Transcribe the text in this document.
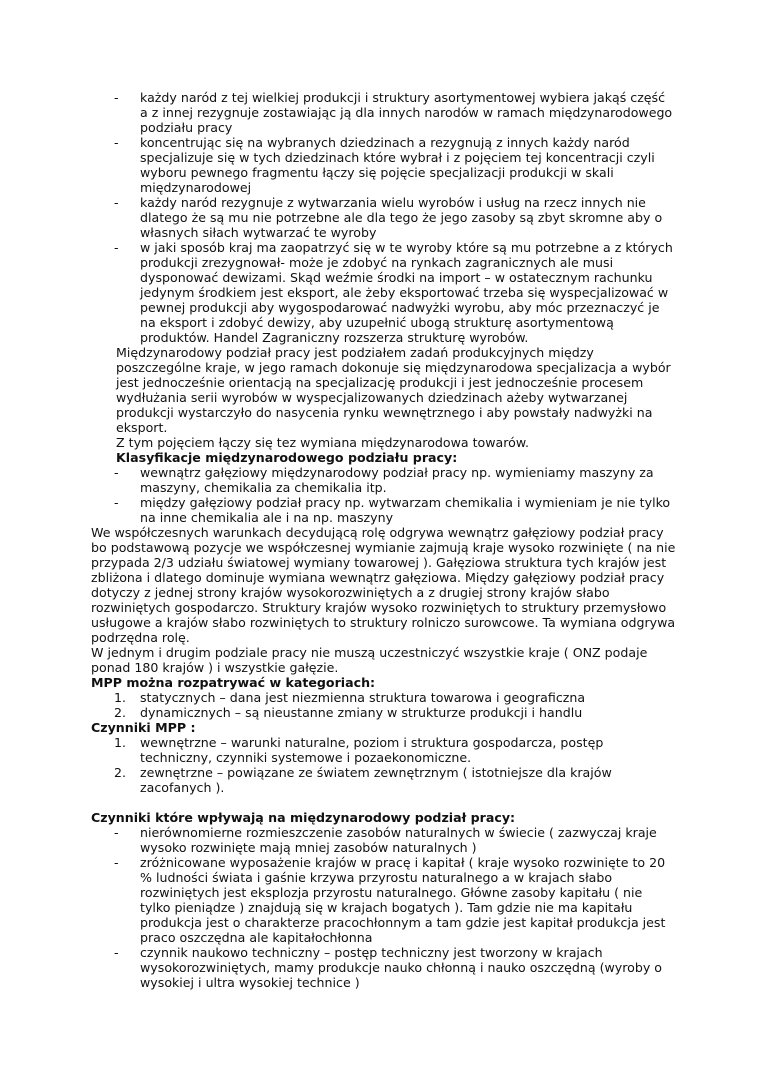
- każdy naród z tej wielkiej produkcji i struktury asortymentowej wybiera jakąś część a z innej rezygnuje zostawiając ją dla innych narodów w ramach międzynarodowego podziału pracy

- koncentrując się na wybranych dziedzinach a rezygnują z innych każdy naród specjalizuje się w tych dziedzinach które wybrał i z pojęciem tej koncentracji czyli wyboru pewnego fragmentu łączy się pojęcie specjalizacji produkcji w skali międzynarodowej

- każdy naród rezygnuje z wytwarzania wielu wyrobów i usług na rzecz innych nie dlatego że są mu nie potrzebne ale dla tego że jego zasoby są zbyt skromne aby o własnych siłach wytwarzać te wyroby

- w jaki sposób kraj ma zaopatrzyć się w te wyroby które są mu potrzebne a z których produkcji zrezygnował- może je zdobyć na rynkach zagranicznych ale musi dysponować dewizami. Skąd weźmie środki na import – w ostatecznym rachunku jedynym środkiem jest eksport, ale żeby eksportować trzeba się wyspecjalizować w pewnej produkcji aby wygospodarować nadwyżki wyrobu, aby móc przeznaczyć je na eksport i zdobyć dewizy, aby uzupełnić ubogą strukturę asortymentową produktów. Handel Zagraniczny rozszerza strukturę wyrobów.

Międzynarodowy podział pracy jest podziałem zadań produkcyjnych między poszczególne kraje, w jego ramach dokonuje się międzynarodowa specjalizacja a wybór jest jednocześnie orientacją na specjalizację produkcji i jest jednocześnie procesem wydłużania serii wyrobów w wyspecjalizowanych dziedzinach ażeby wytwarzanej produkcji wystarczyło do nasycenia rynku wewnętrznego i aby powstały nadwyżki na eksport.

Z tym pojęciem łączy się tez wymiana międzynarodowa towarów.

Klasyfikacje międzynarodowego podziału pracy:
- wewnątrz gałęziowy międzynarodowy podział pracy np. wymieniamy maszyny za maszyny, chemikalia za chemikalia itp.

- między gałęziowy podział pracy np. wytwarzam chemikalia i wymieniam je nie tylko na inne chemikalia ale i na np. maszyny

We współczesnych warunkach decydującą rolę odgrywa wewnątrz gałęziowy podział pracy bo podstawową pozycje we współczesnej wymianie zajmują kraje wysoko rozwinięte ( na nie przypada 2/3 udziału światowej wymiany towarowej ). Gałęziowa struktura tych krajów jest zbliżona i dlatego dominuje wymiana wewnątrz gałęziowa. Między gałęziowy podział pracy dotyczy z jednej strony krajów wysokorozwiniętych a z drugiej strony krajów słabo rozwiniętych gospodarczo. Struktury krajów wysoko rozwiniętych to struktury przemysłowo usługowe a krajów słabo rozwiniętych to struktury rolniczo surowcowe. Ta wymiana odgrywa podrzędna rolę.

W jednym i drugim podziale pracy nie muszą uczestniczyć wszystkie kraje ( ONZ podaje ponad 180 krajów ) i wszystkie gałęzie.

MPP można rozpatrywać w kategoriach:
1. statycznych – dana jest niezmienna struktura towarowa i geograficzna

2. dynamicznych – są nieustanne zmiany w strukturze produkcji i handlu

Czynniki MPP :
1. wewnętrzne – warunki naturalne, poziom i struktura gospodarcza, postęp techniczny, czynniki systemowe i pozaekonomiczne.

2. zewnętrzne – powiązane ze światem zewnętrznym ( istotniejsze dla krajów zacofanych ).

Czynniki które wpływają na międzynarodowy podział pracy:
- nierównomierne rozmieszczenie zasobów naturalnych w świecie ( zazwyczaj kraje wysoko rozwinięte mają mniej zasobów naturalnych )

- zróżnicowane wyposażenie krajów w pracę i kapitał ( kraje wysoko rozwinięte to 20 % ludności świata i gaśnie krzywa przyrostu naturalnego a w krajach słabo rozwiniętych jest eksplozja przyrostu naturalnego. Główne zasoby kapitału ( nie tylko pieniądze ) znajdują się w krajach bogatych ). Tam gdzie nie ma kapitału produkcja jest o charakterze pracochłonnym a tam gdzie jest kapitał produkcja jest praco oszczędna ale kapitałochłonna

- czynnik naukowo techniczny – postęp techniczny jest tworzony w krajach wysokorozwiniętych, mamy produkcje nauko chłonną i nauko oszczędną (wyroby o wysokiej i ultra wysokiej technice )
